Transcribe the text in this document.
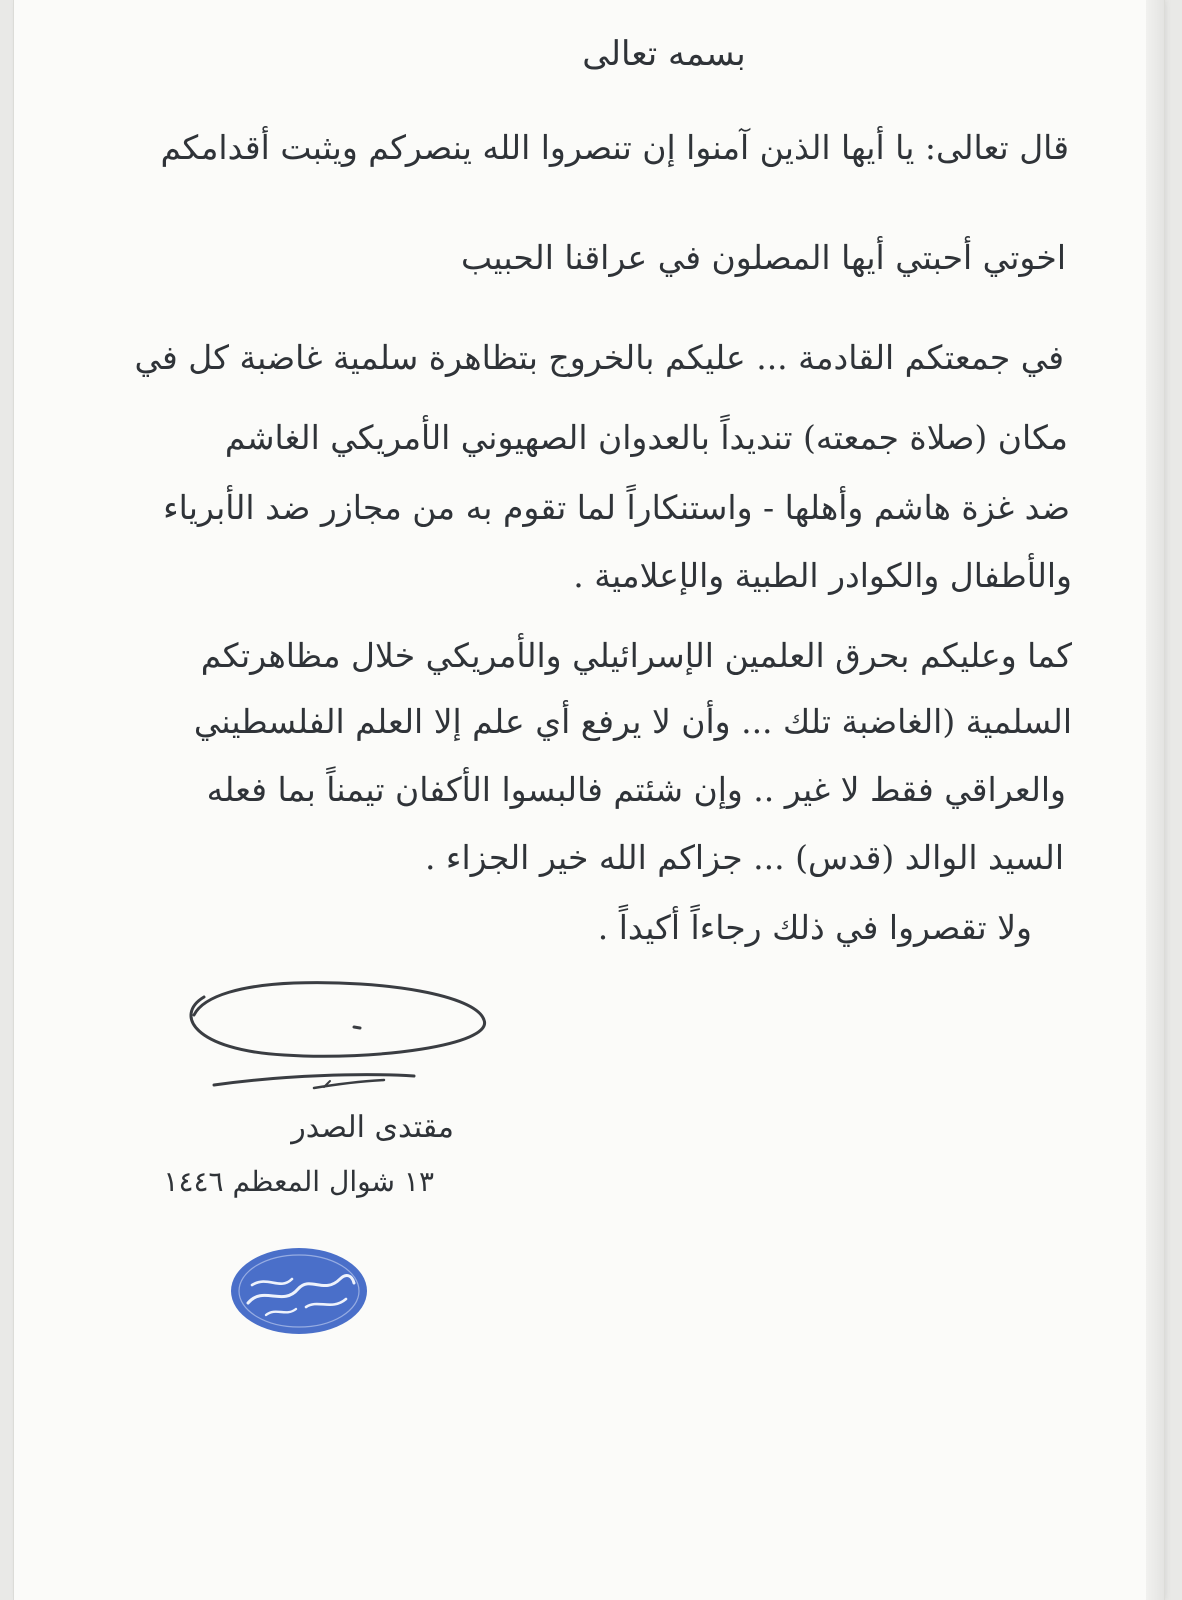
بسمه تعالى
قال تعالى: يا أيها الذين آمنوا إن تنصروا الله ينصركم ويثبت أقدامكم
اخوتي أحبتي أيها المصلون في عراقنا الحبيب
في جمعتكم القادمة ... عليكم بالخروج بتظاهرة سلمية غاضبة كل في
مكان (صلاة جمعته) تنديداً بالعدوان الصهيوني الأمريكي الغاشم
ضد غزة هاشم وأهلها - واستنكاراً لما تقوم به من مجازر ضد الأبرياء
والأطفال والكوادر الطبية والإعلامية .
كما وعليكم بحرق العلمين الإسرائيلي والأمريكي خلال مظاهرتكم
السلمية (الغاضبة تلك ... وأن لا يرفع أي علم إلا العلم الفلسطيني
والعراقي فقط لا غير .. وإن شئتم فالبسوا الأكفان تيمناً بما فعله
السيد الوالد (قدس) ... جزاكم الله خير الجزاء .
ولا تقصروا في ذلك رجاءاً أكيداً .
مقتدى الصدر
١٣ شوال المعظم ١٤٤٦
